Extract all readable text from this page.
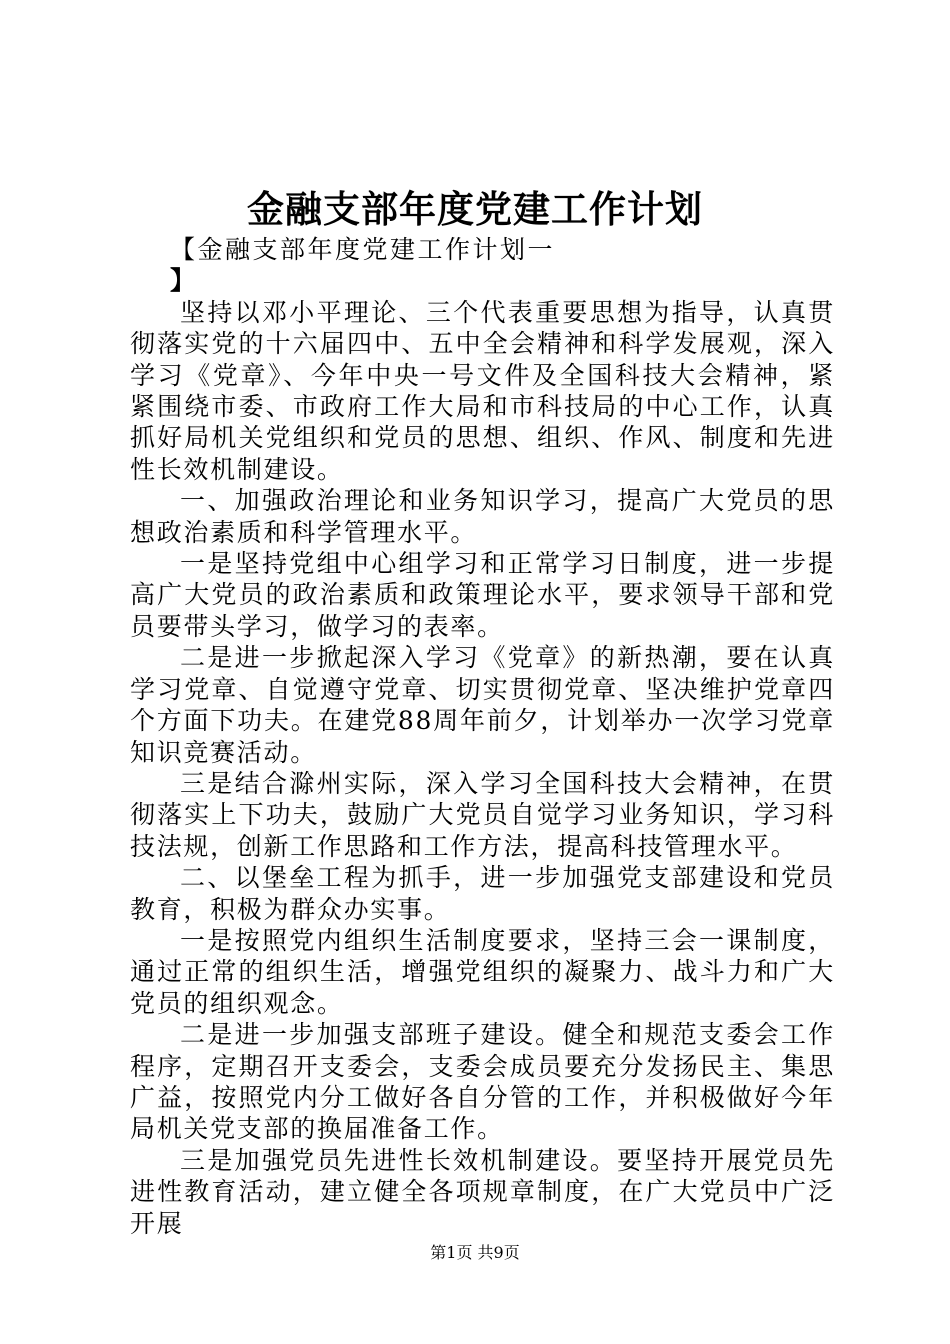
金融支部年度党建工作计划
【金融支部年度党建工作计划一
】

坚持以邓小平理论、三个代表重要思想为指导，认真贯彻落实党的十六届四中、五中全会精神和科学发展观，深入学习《党章》、今年中央一号文件及全国科技大会精神，紧紧围绕市委、市政府工作大局和市科技局的中心工作，认真抓好局机关党组织和党员的思想、组织、作风、制度和先进性长效机制建设。

一、加强政治理论和业务知识学习，提高广大党员的思想政治素质和科学管理水平。

一是坚持党组中心组学习和正常学习日制度，进一步提高广大党员的政治素质和政策理论水平，要求领导干部和党员要带头学习，做学习的表率。

二是进一步掀起深入学习《党章》的新热潮，要在认真学习党章、自觉遵守党章、切实贯彻党章、坚决维护党章四个方面下功夫。在建党88周年前夕，计划举办一次学习党章知识竞赛活动。

三是结合滁州实际，深入学习全国科技大会精神，在贯彻落实上下功夫，鼓励广大党员自觉学习业务知识，学习科技法规，创新工作思路和工作方法，提高科技管理水平。

二、以堡垒工程为抓手，进一步加强党支部建设和党员教育，积极为群众办实事。

一是按照党内组织生活制度要求，坚持三会一课制度，通过正常的组织生活，增强党组织的凝聚力、战斗力和广大党员的组织观念。

二是进一步加强支部班子建设。健全和规范支委会工作程序，定期召开支委会，支委会成员要充分发扬民主、集思广益，按照党内分工做好各自分管的工作，并积极做好今年局机关党支部的换届准备工作。

三是加强党员先进性长效机制建设。要坚持开展党员先进性教育活动，建立健全各项规章制度，在广大党员中广泛开展

第1页 共9页
